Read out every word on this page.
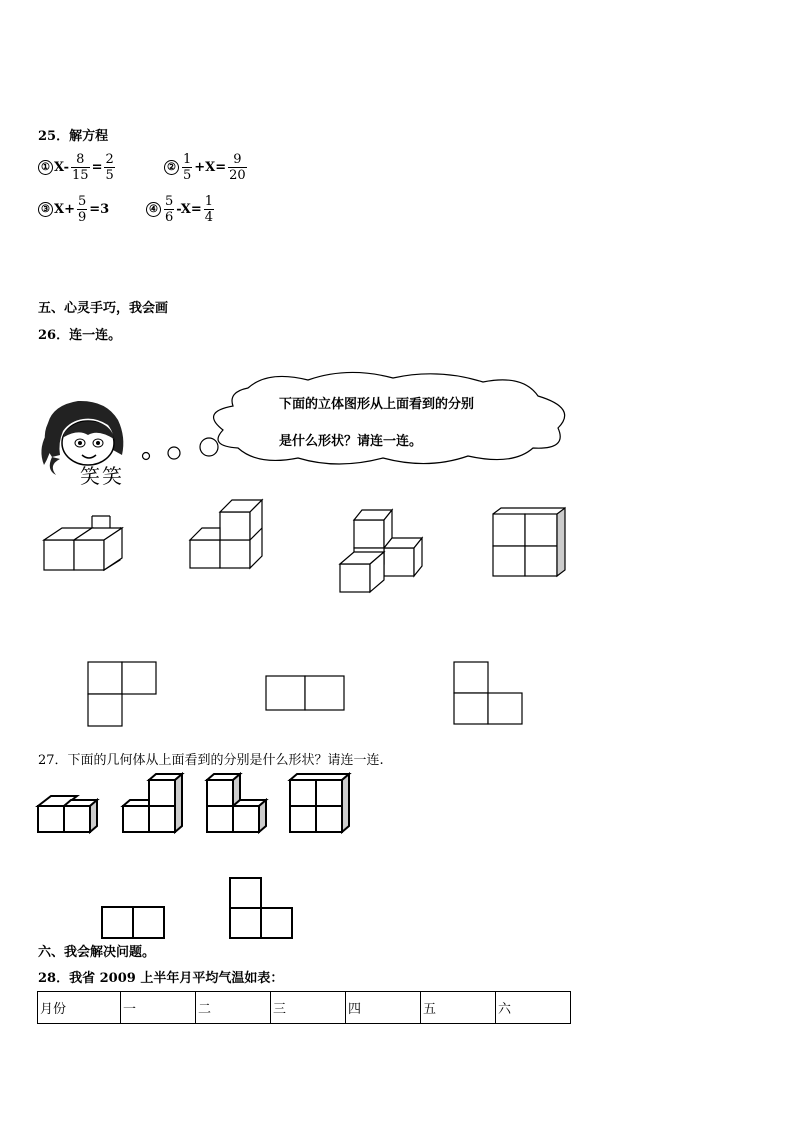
25．解方程
① $X- \frac{8}{15} = \frac{2}{5}$	② $\frac{1}{5} +X= \frac{9}{20}$
③ $X+ \frac{5}{9} =3$	④ $\frac{5}{6} -X= \frac{1}{4}$
五、心灵手巧，我会画
26．连一连。
笑笑
下面的立体图形从上面看到的分别
是什么形状？请连一连。
27．下面的几何体从上面看到的分别是什么形状？请连一连.
六、我会解决问题。
28．我省 2009 上半年月平均气温如表：
月份	一	二	三	四	五	六
